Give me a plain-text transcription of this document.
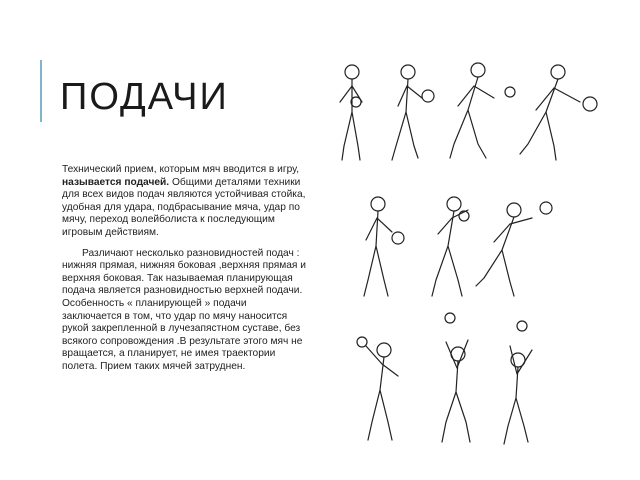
ПОДАЧИ

Технический прием, которым мяч вводится в игру, называется подачей. Общими деталями техники для всех видов подач являются устойчивая стойка, удобная для удара, подбрасывание мяча, удар по мячу, переход волейболиста к последующим игровым действиям.

Различают несколько разновидностей подач : нижняя прямая, нижняя боковая ,верхняя прямая и верхняя боковая. Так называемая планирующая подача является разновидностью верхней подачи. Особенность « планирующей » подачи заключается в том, что удар по мячу наносится рукой закрепленной в лучезапястном суставе, без всякого сопровождения .В результате этого мяч не вращается, а планирует, не имея траектории полета. Прием таких мячей затруднен.
